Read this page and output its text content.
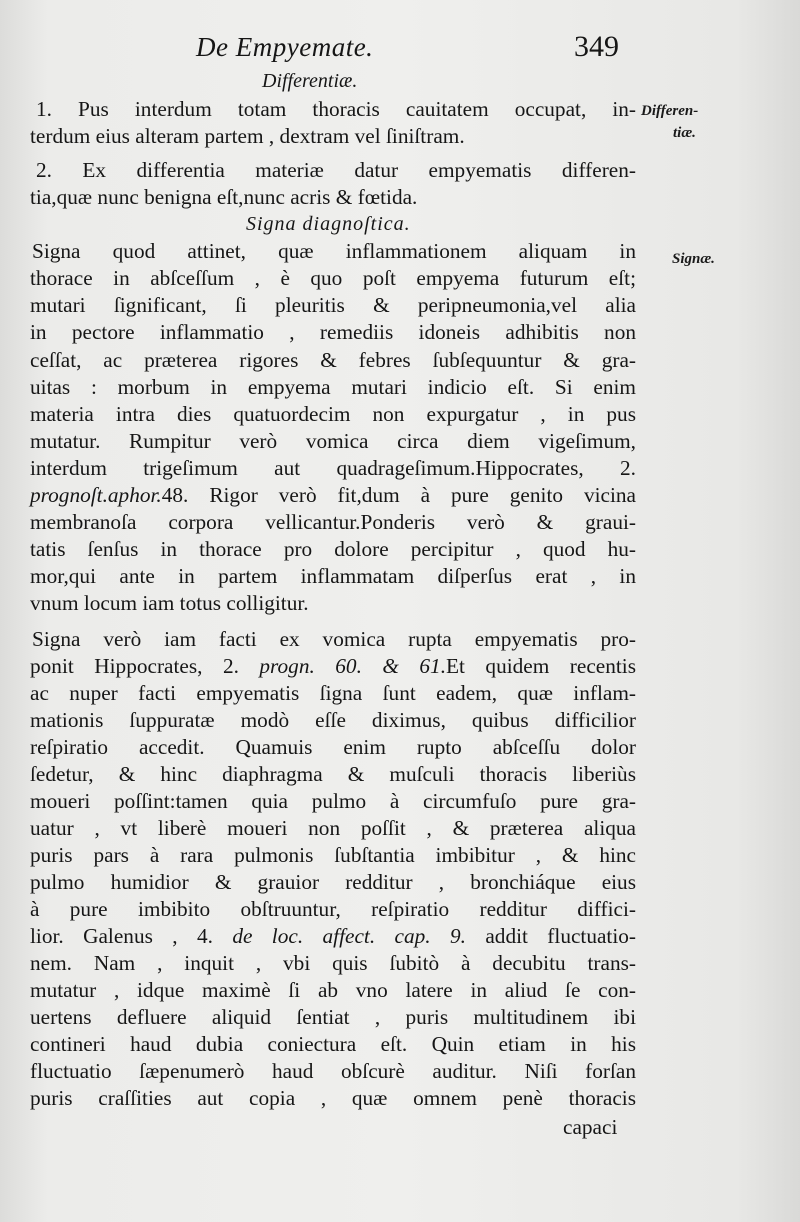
De Empyemate.	349
Differentiæ.
Signa diagnoſtica.
Differen-
tiæ.
Signæ.
1. Pus interdum totam thoracis cauitatem occupat, in-
terdum eius alteram partem , dextram vel ſiniſtram.
2. Ex differentia materiæ datur empyematis differen-
tia,quæ nunc benigna eſt,nunc acris & fœtida.
Signa quod attinet, quæ inflammationem aliquam in
thorace in abſceſſum , è quo poſt empyema futurum eſt;
mutari ſignificant, ſi pleuritis & peripneumonia,vel alia
in pectore inflammatio , remediis idoneis adhibitis non
ceſſat, ac præterea rigores & febres ſubſequuntur & gra-
uitas : morbum in empyema mutari indicio eſt. Si enim
materia intra dies quatuordecim non expurgatur , in pus
mutatur. Rumpitur verò vomica circa diem vigeſimum,
interdum trigeſimum aut quadrageſimum.Hippocrates, 2.
prognoſt.aphor.48. Rigor verò fit,dum à pure genito vicina
membranoſa corpora vellicantur.Ponderis verò & graui-
tatis ſenſus in thorace pro dolore percipitur , quod hu-
mor,qui ante in partem inflammatam diſperſus erat , in
vnum locum iam totus colligitur.
Signa verò iam facti ex vomica rupta empyematis pro-
ponit Hippocrates, 2. progn. 60. & 61.Et quidem recentis
ac nuper facti empyematis ſigna ſunt eadem, quæ inflam-
mationis ſuppuratæ modò eſſe diximus, quibus difficilior
reſpiratio accedit. Quamuis enim rupto abſceſſu dolor
ſedetur, & hinc diaphragma & muſculi thoracis liberiùs
moueri poſſint:tamen quia pulmo à circumfuſo pure gra-
uatur , vt liberè moueri non poſſit , & præterea aliqua
puris pars à rara pulmonis ſubſtantia imbibitur , & hinc
pulmo humidior & grauior redditur , bronchiáque eius
à pure imbibito obſtruuntur, reſpiratio redditur diffici-
lior. Galenus , 4. de loc. affect. cap. 9. addit fluctuatio-
nem. Nam , inquit , vbi quis ſubitò à decubitu trans-
mutatur , idque maximè ſi ab vno latere in aliud ſe con-
uertens defluere aliquid ſentiat , puris multitudinem ibi
contineri haud dubia coniectura eſt. Quin etiam in his
fluctuatio ſæpenumerò haud obſcurè auditur. Niſi forſan
puris craſſities aut copia , quæ omnem penè thoracis
capaci
